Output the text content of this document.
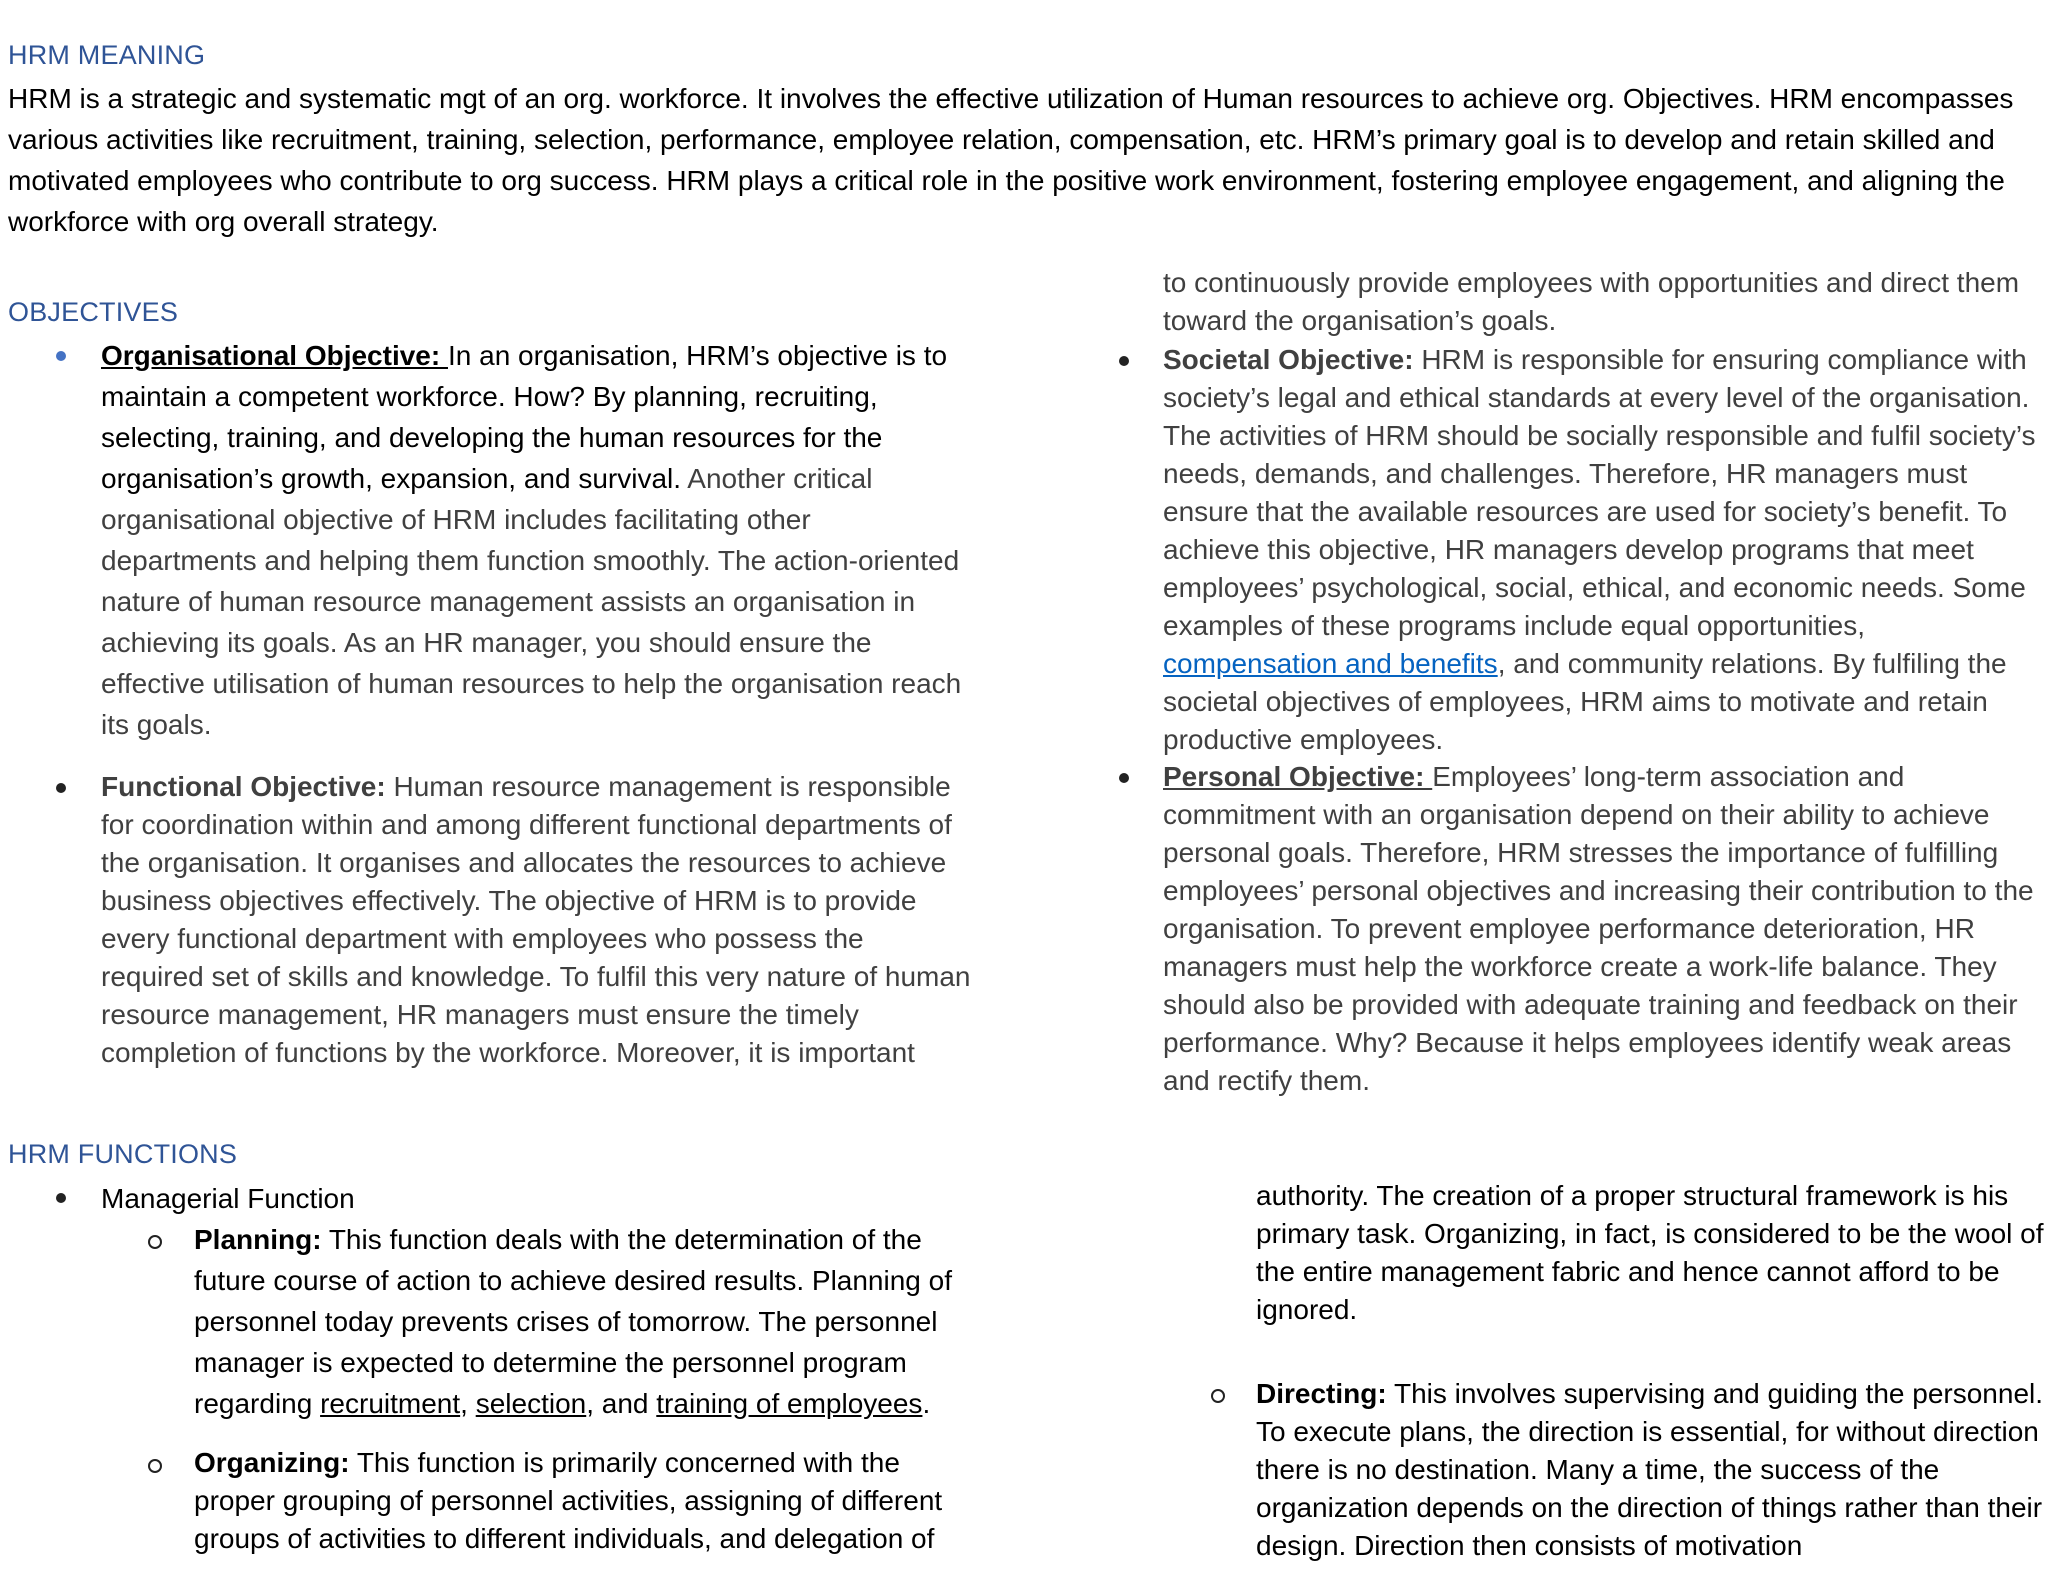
HRM MEANING

HRM is a strategic and systematic mgt of an org. workforce. It involves the effective utilization of Human resources to achieve org. Objectives. HRM encompasses various activities like recruitment, training, selection, performance, employee relation, compensation, etc. HRM’s primary goal is to develop and retain skilled and motivated employees who contribute to org success. HRM plays a critical role in the positive work environment, fostering employee engagement, and aligning the workforce with org overall strategy.

OBJECTIVES

Organisational Objective: In an organisation, HRM’s objective is to maintain a competent workforce. How? By planning, recruiting, selecting, training, and developing the human resources for the organisation’s growth, expansion, and survival. Another critical organisational objective of HRM includes facilitating other departments and helping them function smoothly. The action-oriented nature of human resource management assists an organisation in achieving its goals. As an HR manager, you should ensure the effective utilisation of human resources to help the organisation reach its goals.

Functional Objective: Human resource management is responsible for coordination within and among different functional departments of the organisation. It organises and allocates the resources to achieve business objectives effectively. The objective of HRM is to provide every functional department with employees who possess the required set of skills and knowledge. To fulfil this very nature of human resource management, HR managers must ensure the timely completion of functions by the workforce. Moreover, it is important

to continuously provide employees with opportunities and direct them toward the organisation’s goals.

Societal Objective: HRM is responsible for ensuring compliance with society’s legal and ethical standards at every level of the organisation. The activities of HRM should be socially responsible and fulfil society’s needs, demands, and challenges. Therefore, HR managers must ensure that the available resources are used for society’s benefit. To achieve this objective, HR managers develop programs that meet employees’ psychological, social, ethical, and economic needs. Some examples of these programs include equal opportunities, compensation and benefits, and community relations. By fulfiling the societal objectives of employees, HRM aims to motivate and retain productive employees.

Personal Objective: Employees’ long-term association and commitment with an organisation depend on their ability to achieve personal goals. Therefore, HRM stresses the importance of fulfilling employees’ personal objectives and increasing their contribution to the organisation. To prevent employee performance deterioration, HR managers must help the workforce create a work-life balance. They should also be provided with adequate training and feedback on their performance. Why? Because it helps employees identify weak areas and rectify them.

HRM FUNCTIONS

Managerial Function

Planning: This function deals with the determination of the future course of action to achieve desired results. Planning of personnel today prevents crises of tomorrow. The personnel manager is expected to determine the personnel program regarding recruitment, selection, and training of employees.

Organizing: This function is primarily concerned with the proper grouping of personnel activities, assigning of different groups of activities to different individuals, and delegation of

authority. The creation of a proper structural framework is his primary task. Organizing, in fact, is considered to be the wool of the entire management fabric and hence cannot afford to be ignored.

Directing: This involves supervising and guiding the personnel. To execute plans, the direction is essential, for without direction there is no destination. Many a time, the success of the organization depends on the direction of things rather than their design. Direction then consists of motivation
